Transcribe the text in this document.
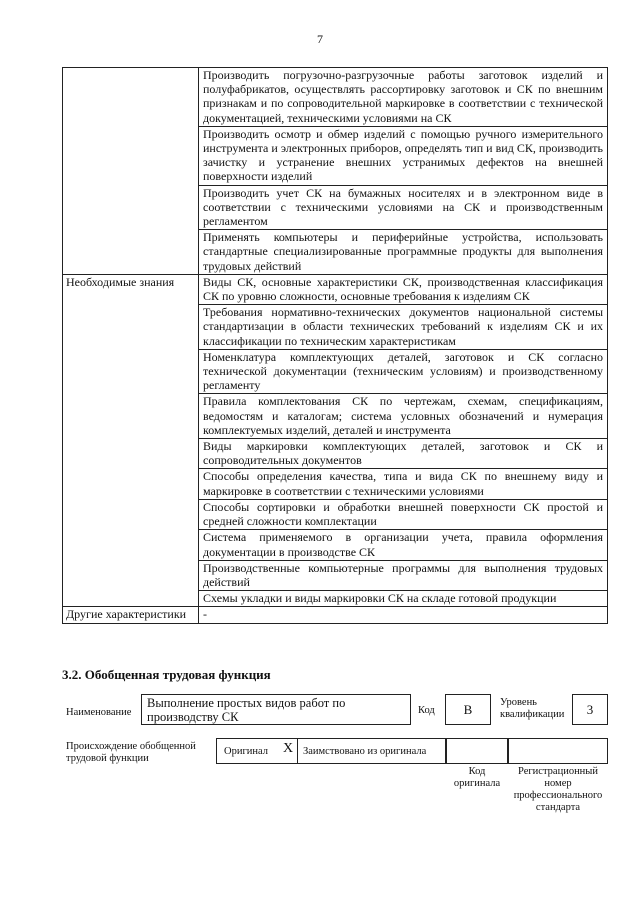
7
	Производить погрузочно-разгрузочные работы заготовок изделий и полуфабрикатов, осуществлять рассортировку заготовок и СК по внешним признакам и по сопроводительной маркировке в соответствии с технической документацией, техническими условиями на СК
	Производить осмотр и обмер изделий с помощью ручного измерительного инструмента и электронных приборов, определять тип и вид СК, производить зачистку и устранение внешних устранимых дефектов на внешней поверхности изделий
	Производить учет СК на бумажных носителях и в электронном виде в соответствии с техническими условиями на СК и производственным регламентом
	Применять компьютеры и периферийные устройства, использовать стандартные специализированные программные продукты для выполнения трудовых действий
Необходимые знания	Виды СК, основные характеристики СК, производственная классификация СК по уровню сложности, основные требования к изделиям СК
	Требования нормативно-технических документов национальной системы стандартизации в области технических требований к изделиям СК и их классификации по техническим характеристикам
	Номенклатура комплектующих деталей, заготовок и СК согласно технической документации (техническим условиям) и производственному регламенту
	Правила комплектования СК по чертежам, схемам, спецификациям, ведомостям и каталогам; система условных обозначений и нумерация комплектуемых изделий, деталей и инструмента
	Виды маркировки комплектующих деталей, заготовок и СК и сопроводительных документов
	Способы определения качества, типа и вида СК по внешнему виду и маркировке в соответствии с техническими условиями
	Способы сортировки и обработки внешней поверхности СК простой и средней сложности комплектации
	Система применяемого в организации учета, правила оформления документации в производстве СК
	Производственные компьютерные программы для выполнения трудовых действий
	Схемы укладки и виды маркировки СК на складе готовой продукции
Другие характеристики	-
3.2. Обобщенная трудовая функция
Наименование
Выполнение простых видов работ по производству СК	Код	B	Уровень квалификации	3
Происхождение обобщенной трудовой функции
Оригинал X Заимствовано из оригинала
Код оригинала
Регистрационный номер профессионального стандарта
